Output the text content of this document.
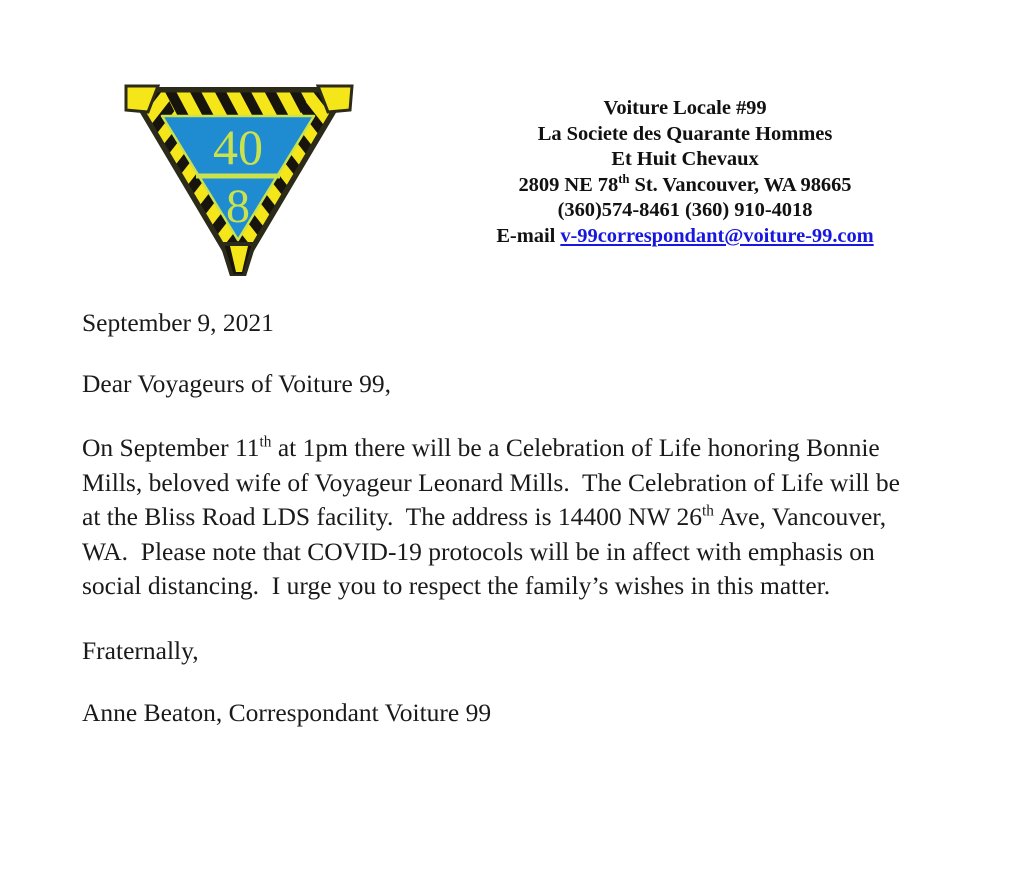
40
8
Voiture Locale #99
La Societe des Quarante Hommes
Et Huit Chevaux
2809 NE 78th St. Vancouver, WA 98665
(360)574-8461 (360) 910-4018
E-mail v-99correspondant@voiture-99.com

September 9, 2021

Dear Voyageurs of Voiture 99,

On September 11th at 1pm there will be a Celebration of Life honoring Bonnie Mills, beloved wife of Voyageur Leonard Mills.  The Celebration of Life will be at the Bliss Road LDS facility.  The address is 14400 NW 26th Ave, Vancouver, WA.  Please note that COVID-19 protocols will be in affect with emphasis on social distancing.  I urge you to respect the family’s wishes in this matter.

Fraternally,

Anne Beaton, Correspondant Voiture 99
